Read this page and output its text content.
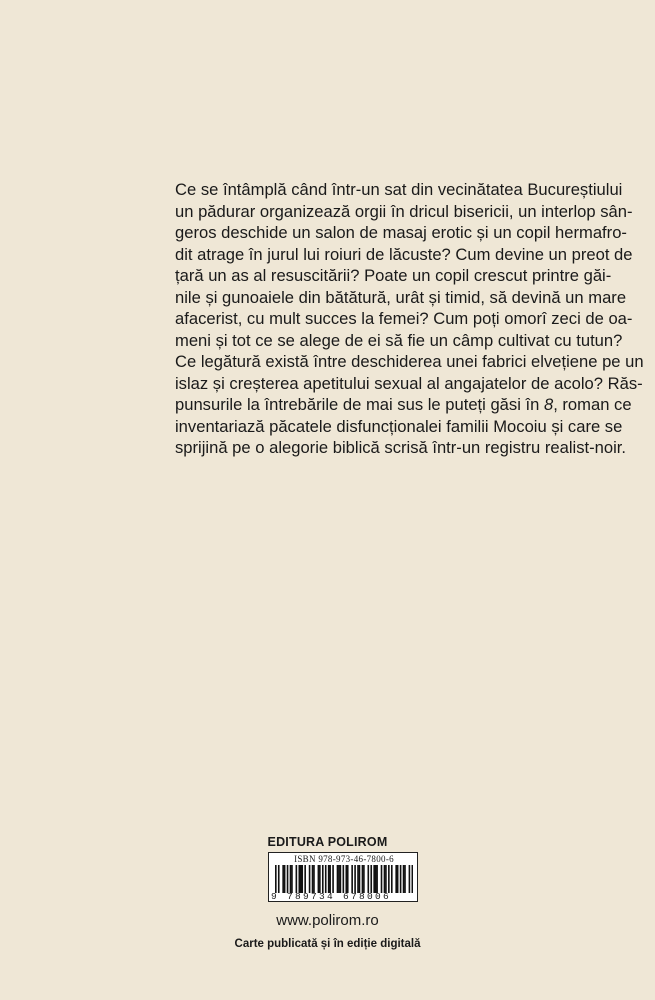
Ce se întâmplă când într-un sat din vecinătatea Bucureștiului
un pădurar organizează orgii în dricul bisericii, un interlop sân-
geros deschide un salon de masaj erotic și un copil hermafro-
dit atrage în jurul lui roiuri de lăcuste? Cum devine un preot de
țară un as al resuscitării? Poate un copil crescut printre găi-
nile și gunoaiele din bătătură, urât și timid, să devină un mare
afacerist, cu mult succes la femei? Cum poți omorî zeci de oa-
meni și tot ce se alege de ei să fie un câmp cultivat cu tutun?
Ce legătură există între deschiderea unei fabrici elvețiene pe un
islaz și creșterea apetitului sexual al angajatelor de acolo? Răs-
punsurile la întrebările de mai sus le puteți găsi în 8, roman ce
inventariază păcatele disfuncționalei familii Mocoiu și care se
sprijină pe o alegorie biblică scrisă într-un registru realist-noir.
EDITURA POLIROM
ISBN 978-973-46-7800-6
9 789734 678006
www.polirom.ro
Carte publicată și în ediție digitală
